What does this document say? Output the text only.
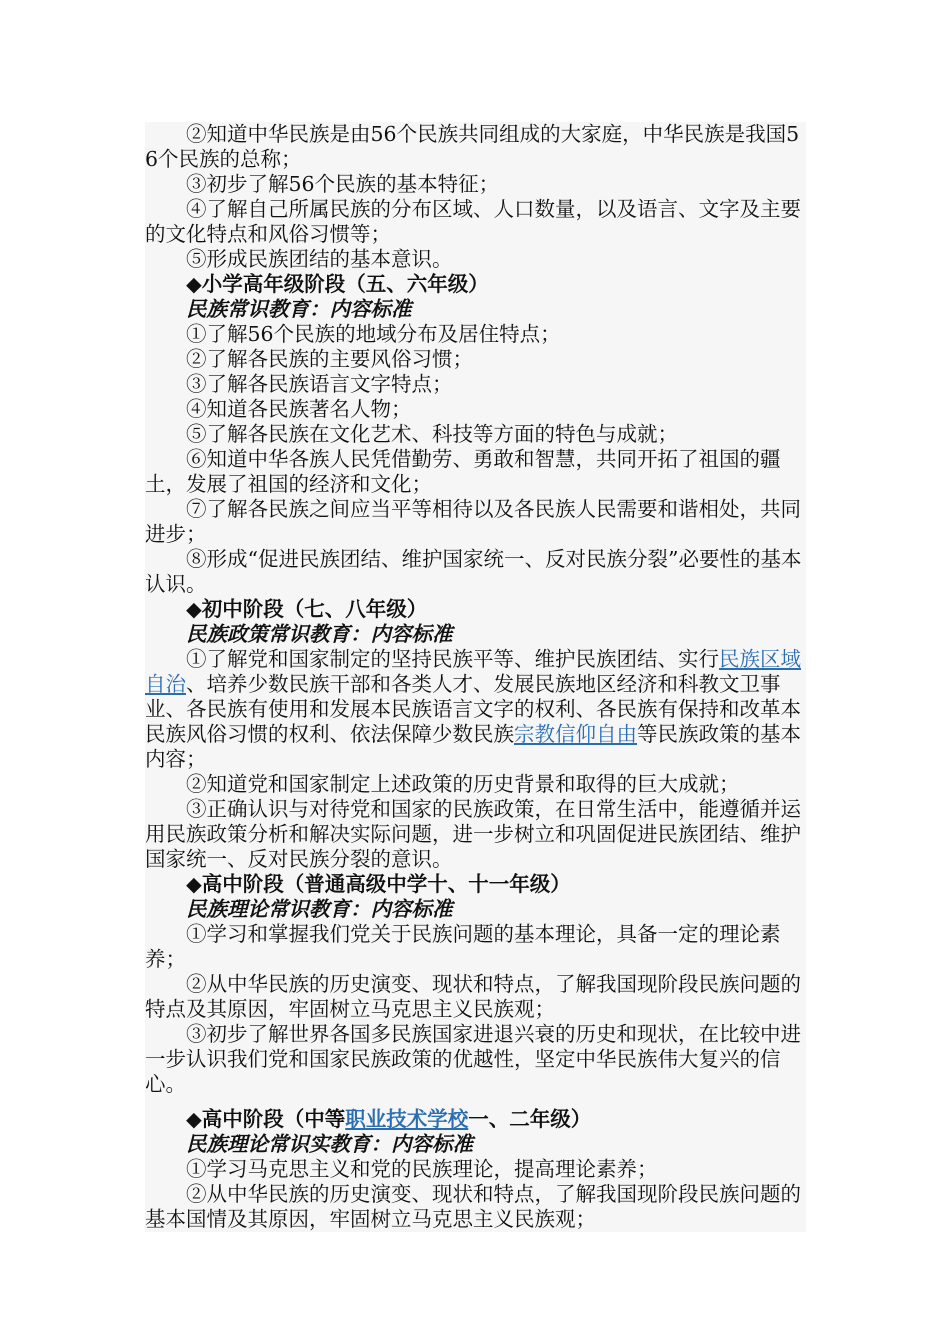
②知道中华民族是由56个民族共同组成的大家庭，中华民族是我国56个民族的总称；

③初步了解56个民族的基本特征；

④了解自己所属民族的分布区域、人口数量，以及语言、文字及主要的文化特点和风俗习惯等；

⑤形成民族团结的基本意识。

◆小学高年级阶段（五、六年级）

民族常识教育：内容标准

①了解56个民族的地域分布及居住特点；

②了解各民族的主要风俗习惯；

③了解各民族语言文字特点；

④知道各民族著名人物；

⑤了解各民族在文化艺术、科技等方面的特色与成就；

⑥知道中华各族人民凭借勤劳、勇敢和智慧，共同开拓了祖国的疆土，发展了祖国的经济和文化；

⑦了解各民族之间应当平等相待以及各民族人民需要和谐相处，共同进步；

⑧形成“促进民族团结、维护国家统一、反对民族分裂”必要性的基本认识。

◆初中阶段（七、八年级）

民族政策常识教育：内容标准

①了解党和国家制定的坚持民族平等、维护民族团结、实行民族区域自治、培养少数民族干部和各类人才、发展民族地区经济和科教文卫事业、各民族有使用和发展本民族语言文字的权利、各民族有保持和改革本民族风俗习惯的权利、依法保障少数民族宗教信仰自由等民族政策的基本内容；

②知道党和国家制定上述政策的历史背景和取得的巨大成就；

③正确认识与对待党和国家的民族政策，在日常生活中，能遵循并运用民族政策分析和解决实际问题，进一步树立和巩固促进民族团结、维护国家统一、反对民族分裂的意识。

◆高中阶段（普通高级中学十、十一年级）

民族理论常识教育：内容标准

①学习和掌握我们党关于民族问题的基本理论，具备一定的理论素养；

②从中华民族的历史演变、现状和特点，了解我国现阶段民族问题的特点及其原因，牢固树立马克思主义民族观；

③初步了解世界各国多民族国家进退兴衰的历史和现状，在比较中进一步认识我们党和国家民族政策的优越性，坚定中华民族伟大复兴的信心。

◆高中阶段（中等职业技术学校一、二年级）

民族理论常识实教育：内容标准

①学习马克思主义和党的民族理论，提高理论素养；

②从中华民族的历史演变、现状和特点，了解我国现阶段民族问题的基本国情及其原因，牢固树立马克思主义民族观；
